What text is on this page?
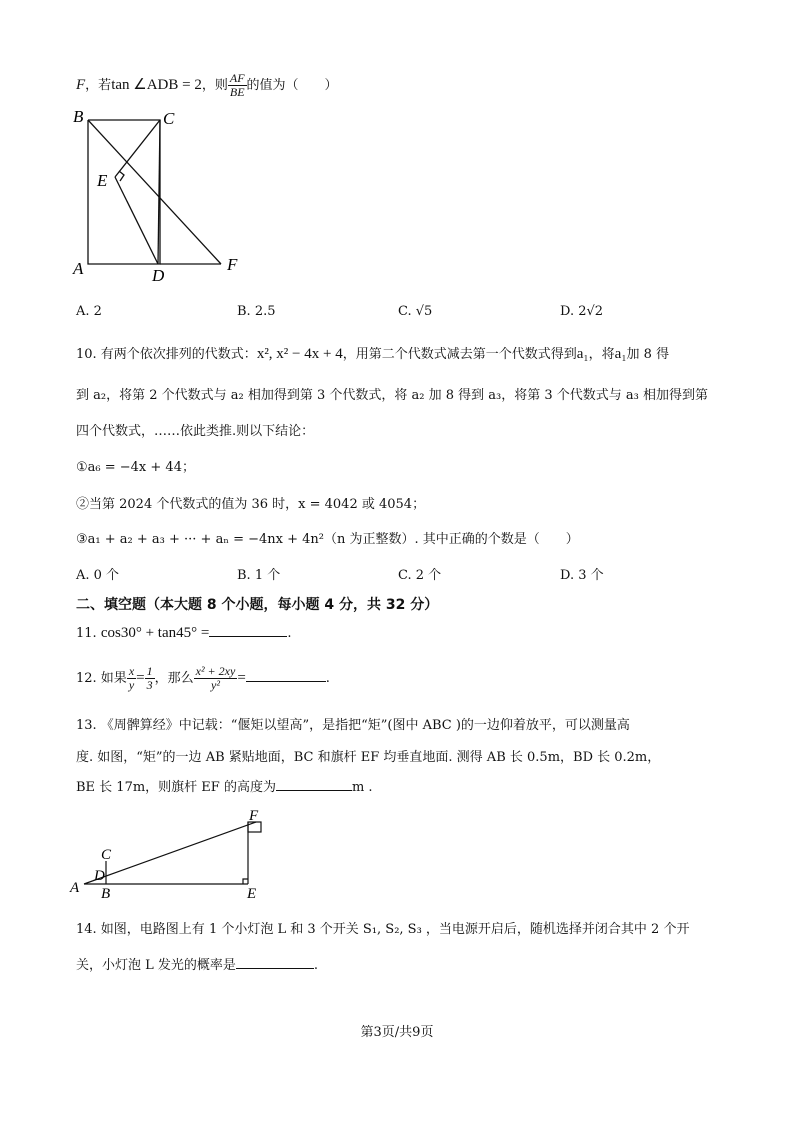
F，若tan ∠ADB = 2，则 $\frac{AF}{BE}$ 的值为（　　）
B	C
E
A	D
F
A. 2	B. 2.5	C. √5	D. 2√2
10. 有两个依次排列的代数式：x², x² − 4x + 4，用第二个代数式减去第一个代数式得到a₁，将a₁加 8 得
到 a₂，将第 2 个代数式与 a₂ 相加得到第 3 个代数式，将 a₂ 加 8 得到 a₃，将第 3 个代数式与 a₃ 相加得到第
四个代数式，……依此类推.则以下结论：
①a₆ = −4x + 44；
②当第 2024 个代数式的值为 36 时，x = 4042 或 4054；
③a₁ + a₂ + a₃ + ··· + aₙ = −4nx + 4n²（n 为正整数）. 其中正确的个数是（　　）
A. 0 个	B. 1 个	C. 2 个	D. 3 个
二、填空题（本大题 8 个小题，每小题 4 分，共 32 分）
11. cos30° + tan45° =	.
12. 如果 $\frac{x}{y} = \frac{1}{3}$ ，那么 $\frac{\text{x² + 2xy}}{\text{y²}}$ =	.
13. 《周髀算经》中记载：“偃矩以望高”，是指把“矩”(图中 ABC )的一边仰着放平，可以测量高
度. 如图，“矩”的一边 AB 紧贴地面，BC 和旗杆 EF 均垂直地面. 测得 AB 长 0.5m，BD 长 0.2m，
BE 长 17m，则旗杆 EF 的高度为	m .
F
C
D
A B	E
14. 如图，电路图上有 1 个小灯泡 L 和 3 个开关 S₁, S₂, S₃ ，当电源开启后，随机选择并闭合其中 2 个开
关，小灯泡 L 发光的概率是	.
第3页/共9页
